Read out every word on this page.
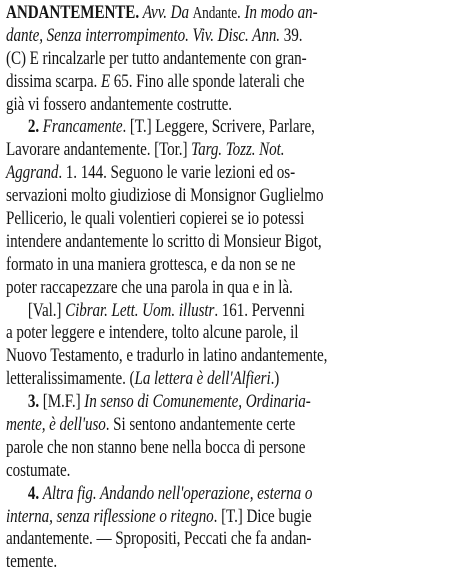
ANDANTEMENTE. Avv. Da Andante. In modo an-
dante, Senza interrompimento. Viv. Disc. Ann. 39.
(C) E rincalzarle per tutto andantemente con gran-
dissima scarpa. E 65. Fino alle sponde laterali che
già vi fossero andantemente costrutte.
2. Francamente. [T.] Leggere, Scrivere, Parlare,
Lavorare andantemente. [Tor.] Targ. Tozz. Not.
Aggrand. 1. 144. Seguono le varie lezioni ed os-
servazioni molto giudiziose di Monsignor Guglielmo
Pellicerio, le quali volentieri copierei se io potessi
intendere andantemente lo scritto di Monsieur Bigot,
formato in una maniera grottesca, e da non se ne
poter raccapezzare che una parola in qua e in là.
[Val.] Cibrar. Lett. Uom. illustr. 161. Pervenni
a poter leggere e intendere, tolto alcune parole, il
Nuovo Testamento, e tradurlo in latino andantemente,
letteralissimamente. (La lettera è dell'Alfieri.)
3. [M.F.] In senso di Comunemente, Ordinaria-
mente, è dell'uso. Si sentono andantemente certe
parole che non stanno bene nella bocca di persone
costumate.
4. Altra fig. Andando nell'operazione, esterna o
interna, senza riflessione o ritegno. [T.] Dice bugie
andantemente. — Spropositi, Peccati che fa andan-
temente.
